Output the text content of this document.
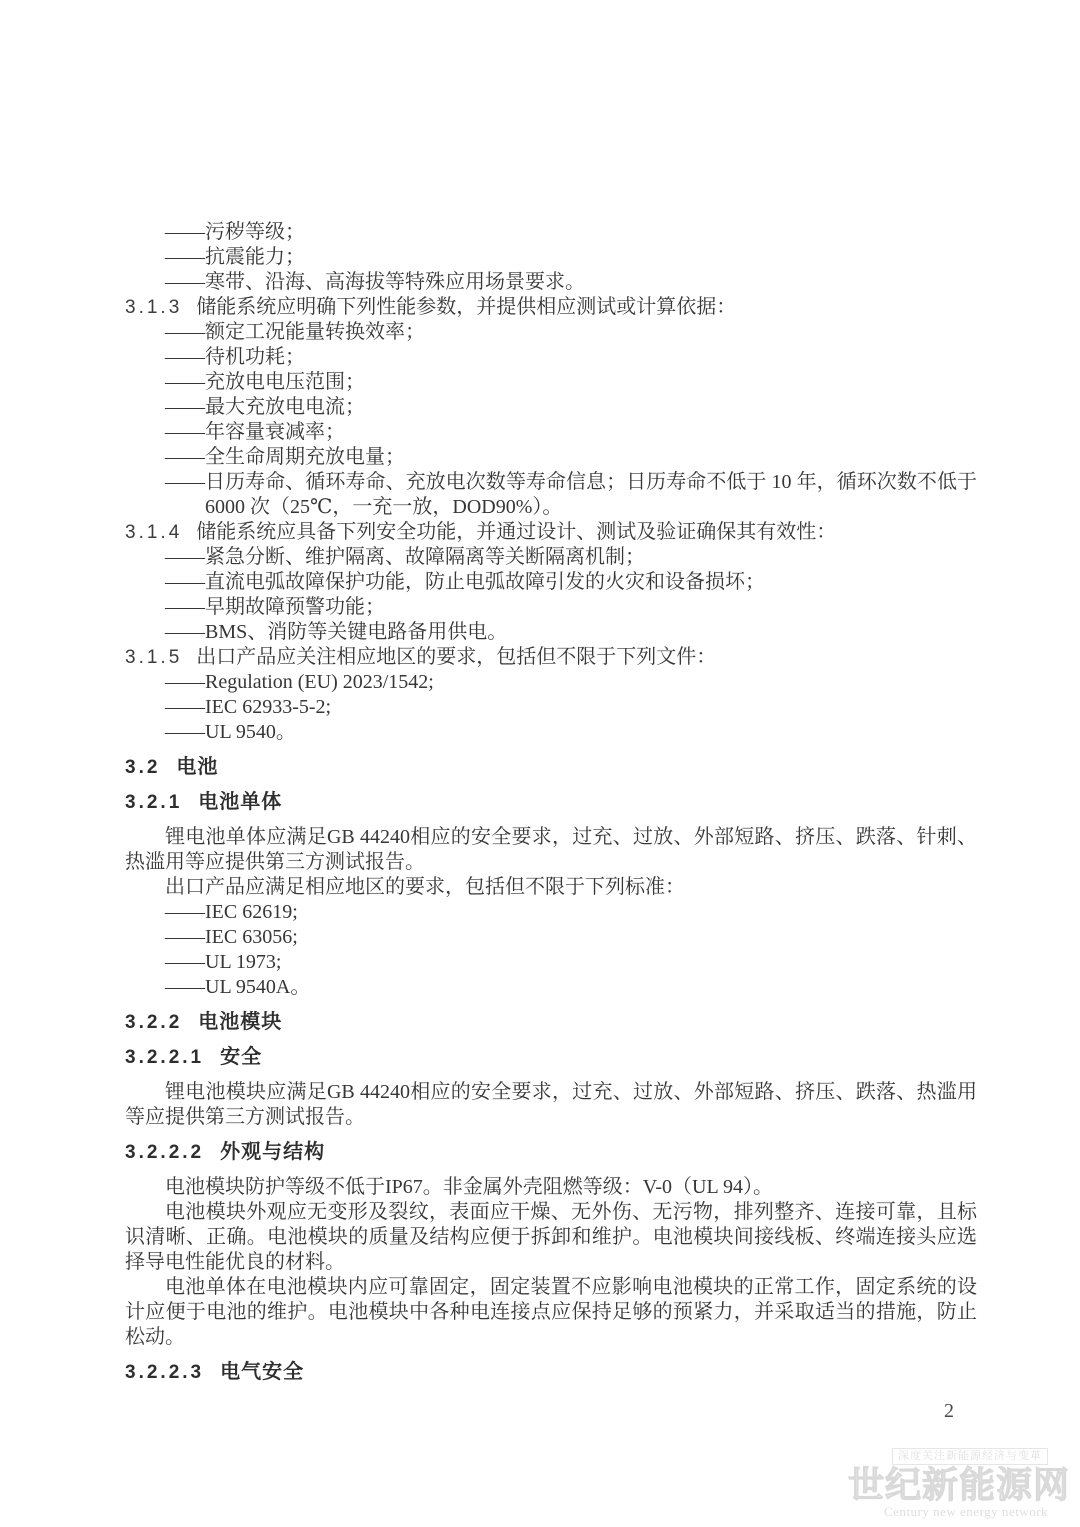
——污秽等级；
——抗震能力；
——寒带、沿海、高海拔等特殊应用场景要求。
3.1.3 储能系统应明确下列性能参数，并提供相应测试或计算依据：
——额定工况能量转换效率；
——待机功耗；
——充放电电压范围；
——最大充放电电流；
——年容量衰减率；
——全生命周期充放电量；
——日历寿命、循环寿命、充放电次数等寿命信息；日历寿命不低于 10 年，循环次数不低于 6000 次（25℃，一充一放，DOD90%）。
3.1.4 储能系统应具备下列安全功能，并通过设计、测试及验证确保其有效性：
——紧急分断、维护隔离、故障隔离等关断隔离机制；
——直流电弧故障保护功能，防止电弧故障引发的火灾和设备损坏；
——早期故障预警功能；
——BMS、消防等关键电路备用供电。
3.1.5 出口产品应关注相应地区的要求，包括但不限于下列文件：
——Regulation (EU) 2023/1542;
——IEC 62933-5-2;
——UL 9540。
3.2 电池
3.2.1 电池单体

锂电池单体应满足GB 44240相应的安全要求，过充、过放、外部短路、挤压、跌落、针刺、热滥用等应提供第三方测试报告。

出口产品应满足相应地区的要求，包括但不限于下列标准：

——IEC 62619;
——IEC 63056;
——UL 1973;
——UL 9540A。
3.2.2 电池模块
3.2.2.1 安全

锂电池模块应满足GB 44240相应的安全要求，过充、过放、外部短路、挤压、跌落、热滥用等应提供第三方测试报告。

3.2.2.2 外观与结构

电池模块防护等级不低于IP67。非金属外壳阻燃等级：V-0（UL 94）。

电池模块外观应无变形及裂纹，表面应干燥、无外伤、无污物，排列整齐、连接可靠，且标识清晰、正确。电池模块的质量及结构应便于拆卸和维护。电池模块间接线板、终端连接头应选择导电性能优良的材料。

电池单体在电池模块内应可靠固定，固定装置不应影响电池模块的正常工作，固定系统的设计应便于电池的维护。电池模块中各种电连接点应保持足够的预紧力，并采取适当的措施，防止松动。

3.2.2.3 电气安全
2
深度关注新能源经济与变革
世纪新能源网
Century new energy network
